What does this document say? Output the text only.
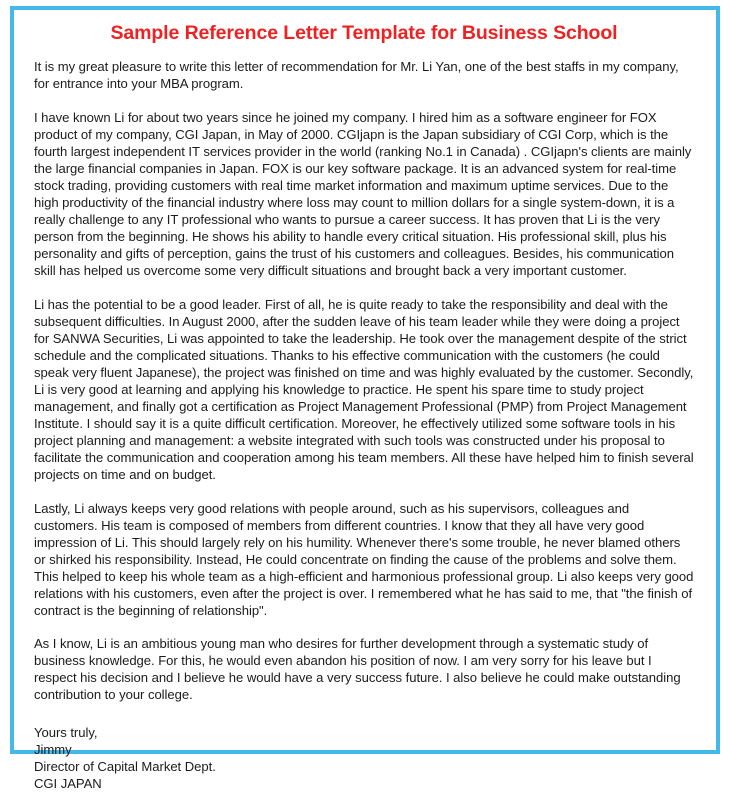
Sample Reference Letter Template for Business School

It is my great pleasure to write this letter of recommendation for Mr. Li Yan, one of the best staffs in my company, for entrance into your MBA program.

I have known Li for about two years since he joined my company. I hired him as a software engineer for FOX product of my company, CGI Japan, in May of 2000. CGIjapn is the Japan subsidiary of CGI Corp, which is the fourth largest independent IT services provider in the world (ranking No.1 in Canada) . CGIjapn's clients are mainly the large financial companies in Japan. FOX is our key software package. It is an advanced system for real-time stock trading, providing customers with real time market information and maximum uptime services. Due to the high productivity of the financial industry where loss may count to million dollars for a single system-down, it is a really challenge to any IT professional who wants to pursue a career success. It has proven that Li is the very person from the beginning. He shows his ability to handle every critical situation. His professional skill, plus his personality and gifts of perception, gains the trust of his customers and colleagues. Besides, his communication skill has helped us overcome some very difficult situations and brought back a very important customer.

Li has the potential to be a good leader. First of all, he is quite ready to take the responsibility and deal with the subsequent difficulties. In August 2000, after the sudden leave of his team leader while they were doing a project for SANWA Securities, Li was appointed to take the leadership. He took over the management despite of the strict schedule and the complicated situations. Thanks to his effective communication with the customers (he could speak very fluent Japanese), the project was finished on time and was highly evaluated by the customer. Secondly, Li is very good at learning and applying his knowledge to practice. He spent his spare time to study project management, and finally got a certification as Project Management Professional (PMP) from Project Management Institute. I should say it is a quite difficult certification. Moreover, he effectively utilized some software tools in his project planning and management: a website integrated with such tools was constructed under his proposal to facilitate the communication and cooperation among his team members. All these have helped him to finish several projects on time and on budget.

Lastly, Li always keeps very good relations with people around, such as his supervisors, colleagues and customers. His team is composed of members from different countries. I know that they all have very good impression of Li. This should largely rely on his humility. Whenever there's some trouble, he never blamed others or shirked his responsibility. Instead, He could concentrate on finding the cause of the problems and solve them. This helped to keep his whole team as a high-efficient and harmonious professional group. Li also keeps very good relations with his customers, even after the project is over. I remembered what he has said to me, that "the finish of contract is the beginning of relationship".

As I know, Li is an ambitious young man who desires for further development through a systematic study of business knowledge. For this, he would even abandon his position of now. I am very sorry for his leave but I respect his decision and I believe he would have a very success future. I also believe he could make outstanding contribution to your college.

Yours truly,
Jimmy
Director of Capital Market Dept.
CGI JAPAN
